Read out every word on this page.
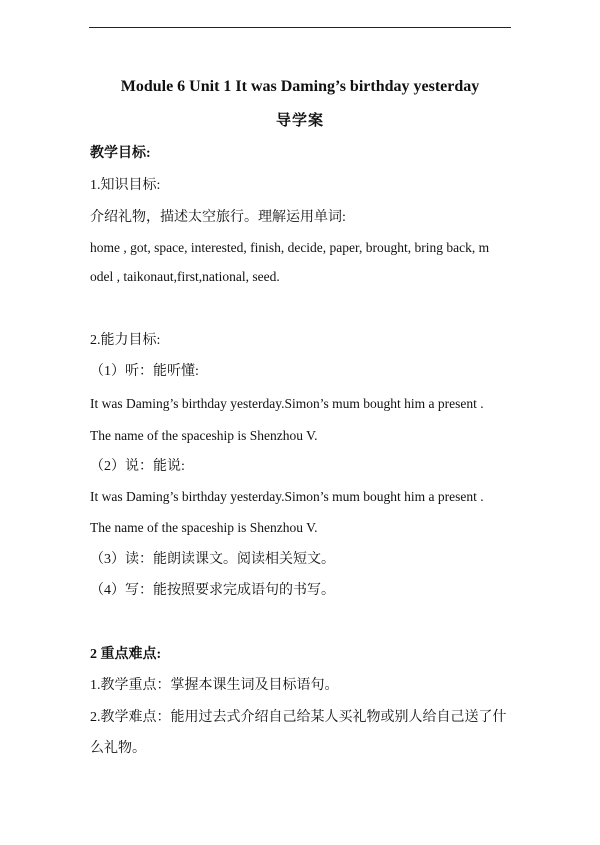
Module 6 Unit 1 It was Daming’s birthday yesterday
导学案
教学目标:
1.知识目标:
介绍礼物，描述太空旅行。理解运用单词:
home , got, space, interested, finish, decide, paper, brought, bring back, m
odel , taikonaut,first,national, seed.
2.能力目标:
（1）听：能听懂:
It was Daming’s birthday yesterday.Simon’s mum bought him a present .
The name of the spaceship is Shenzhou V.
（2）说：能说:
It was Daming’s birthday yesterday.Simon’s mum bought him a present .
The name of the spaceship is Shenzhou V.
（3）读：能朗读课文。阅读相关短文。
（4）写：能按照要求完成语句的书写。
2 重点难点:
1.教学重点：掌握本课生词及目标语句。
2.教学难点：能用过去式介绍自己给某人买礼物或别人给自己送了什
么礼物。
